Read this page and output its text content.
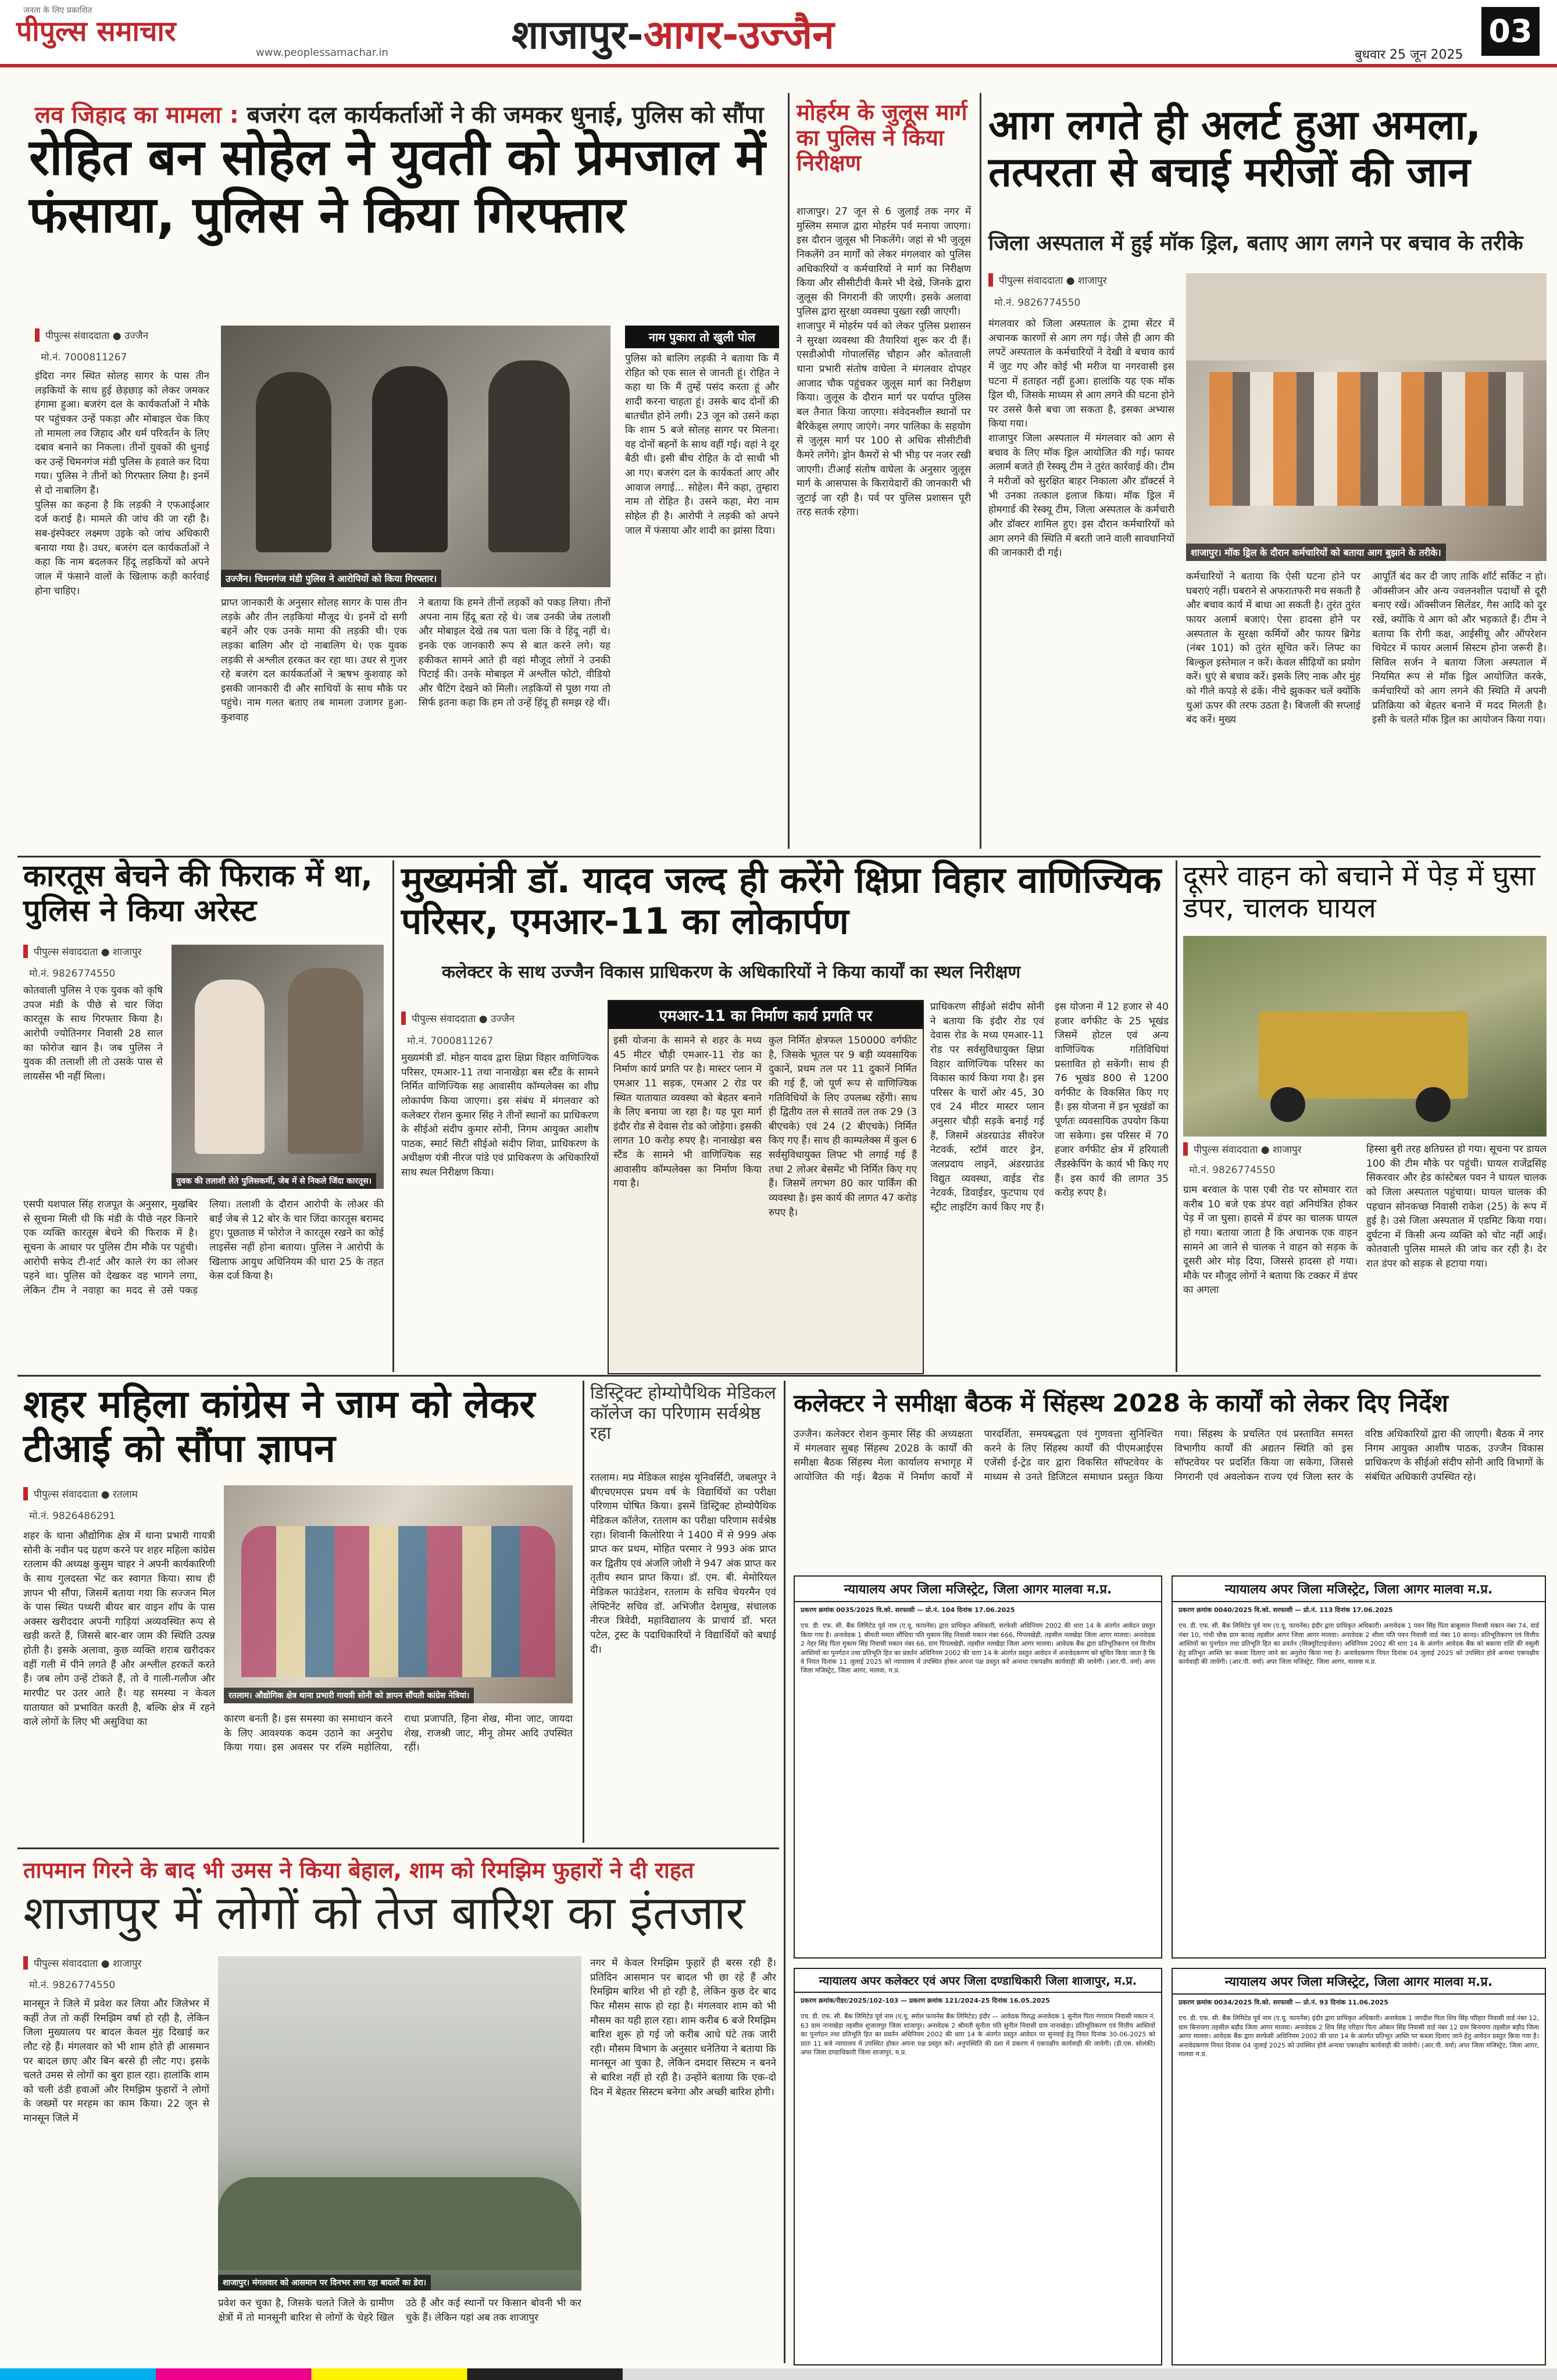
जनता के लिए प्रकाशित
पीपुल्स समाचार
www.peoplessamachar.in	शाजापुर-आगर-उज्जैन	बुधवार 25 जून 2025
03
लव जिहाद का मामला : बजरंग दल कार्यकर्ताओं ने की जमकर धुनाई, पुलिस को सौंपा
रोहित बन सोहेल ने युवती को प्रेमजाल में फंसाया, पुलिस ने किया गिरफ्तार
पीपुल्स संवाददाता ● उज्जैन
मो.नं. 7000811267
इंदिरा नगर स्थित सोलह सागर के पास तीन लड़कियों के साथ हुई छेड़छाड़ को लेकर जमकर हंगामा हुआ। बजरंग दल के कार्यकर्ताओं ने मौके पर पहुंचकर उन्हें पकड़ा और मोबाइल चेक किए तो मामला लव जिहाद और धर्म परिवर्तन के लिए दबाव बनाने का निकला। तीनों युवकों की धुनाई कर उन्हें चिमनगंज मंडी पुलिस के हवाले कर दिया गया। पुलिस ने तीनों को गिरफ्तार लिया है। इनमें से दो नाबालिग हैं।
पुलिस का कहना है कि लड़की ने एफआईआर दर्ज कराई है। मामले की जांच की जा रही है। सब-इंस्पेक्टर लक्ष्मण उइके को जांच अधिकारी बनाया गया है। उधर, बजरंग दल कार्यकर्ताओं ने कहा कि नाम बदलकर हिंदू लड़कियों को अपने जाल में फंसाने वालों के खिलाफ कड़ी कार्रवाई होना चाहिए।
उज्जैन। चिमनगंज मंडी पुलिस ने आरोपियों को किया गिरफ्तार।
प्राप्त जानकारी के अनुसार सोलह सागर के पास तीन लड़के और तीन लड़कियां मौजूद थे। इनमें दो सगी बहनें और एक उनके मामा की लड़की थी। एक लड़का बालिग और दो नाबालिग थे। एक युवक लड़की से अश्लील हरकत कर रहा था। उधर से गुजर रहे बजरंग दल कार्यकर्ताओं ने ऋषभ कुशवाह को इसकी जानकारी दी और साथियों के साथ मौके पर पहुंचे। नाम गलत बताए तब मामला उजागर हुआ-कुशवाह
ने बताया कि हमने तीनों लड़कों को पकड़ लिया। तीनों अपना नाम हिंदू बता रहे थे। जब उनकी जेब तलाशी और मोबाइल देखे तब पता चला कि वे हिंदू नहीं थे। इनके एक जानकारी रूप से बात करने लगे। यह हकीकत सामने आते ही वहां मौजूद लोगों ने उनकी पिटाई की। उनके मोबाइल में अश्लील फोटो, वीडियो और चैटिंग देखने को मिली। लड़कियों से पूछा गया तो सिर्फ इतना कहा कि हम तो उन्हें हिंदू ही समझ रहे थीं।
नाम पुकारा तो खुली पोल
पुलिस को बालिग लड़की ने बताया कि मैं रोहित को एक साल से जानती हूं। रोहित ने कहा था कि मैं तुम्हें पसंद करता हूं और शादी करना चाहता हूं। उसके बाद दोनों की बातचीत होने लगी। 23 जून को उसने कहा कि शाम 5 बजे सोलह सागर पर मिलना। वह दोनों बहनों के साथ वहीं गई। वहां ने दूर बैठी थी। इसी बीच रोहित के दो साथी भी आ गए। बजरंग दल के कार्यकर्ता आए और आवाज लगाई... सोहेल। मैंने कहा, तुम्हारा नाम तो रोहित है। उसने कहा, मेरा नाम सोहेल ही है। आरोपी ने लड़की को अपने जाल में फंसाया और शादी का झांसा दिया।
मोहर्रम के जुलूस मार्ग का पुलिस ने किया निरीक्षण
शाजापुर। 27 जून से 6 जुलाई तक नगर में मुस्लिम समाज द्वारा मोहर्रम पर्व मनाया जाएगा। इस दौरान जुलूस भी निकलेंगे। जहां से भी जुलूस निकलेंगे उन मार्गों को लेकर मंगलवार को पुलिस अधिकारियों व कर्मचारियों ने मार्ग का निरीक्षण किया और सीसीटीवी कैमरे भी देखे, जिनके द्वारा जुलूस की निगरानी की जाएगी। इसके अलावा पुलिस द्वारा सुरक्षा व्यवस्था पुख्ता रखी जाएगी।
शाजापुर में मोहर्रम पर्व को लेकर पुलिस प्रशासन ने सुरक्षा व्यवस्था की तैयारियां शुरू कर दी हैं। एसडीओपी गोपालसिंह चौहान और कोतवाली थाना प्रभारी संतोष वाघेला ने मंगलवार दोपहर आजाद चौक पहुंचकर जुलूस मार्ग का निरीक्षण किया। जुलूस के दौरान मार्ग पर पर्याप्त पुलिस बल तैनात किया जाएगा। संवेदनशील स्थानों पर बैरिकेड्स लगाए जाएंगे। नगर पालिका के सहयोग से जुलूस मार्ग पर 100 से अधिक सीसीटीवी कैमरे लगेंगे। ड्रोन कैमरों से भी भीड़ पर नजर रखी जाएगी। टीआई संतोष वाघेला के अनुसार जुलूस मार्ग के आसपास के किरायेदारों की जानकारी भी जुटाई जा रही है। पर्व पर पुलिस प्रशासन पूरी तरह सतर्क रहेगा।
आग लगते ही अलर्ट हुआ अमला, तत्परता से बचाई मरीजों की जान
जिला अस्पताल में हुई मॉक ड्रिल, बताए आग लगने पर बचाव के तरीके
पीपुल्स संवाददाता ● शाजापुर
मो.नं. 9826774550
मंगलवार को जिला अस्पताल के ट्रामा सेंटर में अचानक कारणों से आग लग गई। जैसे ही आग की लपटें अस्पताल के कर्मचारियों ने देखी वे बचाव कार्य में जुट गए और कोई भी मरीज या नगरवासी इस घटना में हताहत नहीं हुआ। हालांकि यह एक मॉक ड्रिल थी, जिसके माध्यम से आग लगने की घटना होने पर उससे कैसे बचा जा सकता है, इसका अभ्यास किया गया।
शाजापुर जिला अस्पताल में मंगलवार को आग से बचाव के लिए मॉक ड्रिल आयोजित की गई। फायर अलार्म बजते ही रेस्क्यू टीम ने तुरंत कार्रवाई की। टीम ने मरीजों को सुरक्षित बाहर निकाला और डॉक्टर्स ने भी उनका तत्काल इलाज किया। मॉक ड्रिल में होमगार्ड की रेस्क्यू टीम, जिला अस्पताल के कर्मचारी और डॉक्टर शामिल हुए। इस दौरान कर्मचारियों को आग लगने की स्थिति में बरती जाने वाली सावधानियों की जानकारी दी गई।	शाजापुर। मॉक ड्रिल के दौरान कर्मचारियों को बताया आग बुझाने के तरीके।
कर्मचारियों ने बताया कि ऐसी घटना होने पर घबराएं नहीं। घबराने से अफरातफरी मच सकती है और बचाव कार्य में बाधा आ सकती है। तुरंत तुरंत फायर अलार्म बजाएं। ऐसा हादसा होने पर अस्पताल के सुरक्षा कर्मियों और फायर ब्रिगेड (नंबर 101) को तुरंत सूचित करें। लिफ्ट का बिल्कुल इस्तेमाल न करें। केवल सीढ़ियों का प्रयोग करें। धुएं से बचाव करें। इसके लिए नाक और मुंह को गीले कपड़े से ढंकें। नीचे झुककर चलें क्योंकि धुआं ऊपर की तरफ उठता है। बिजली की सप्लाई बंद करें। मुख्य
आपूर्ति बंद कर दी जाए ताकि शॉर्ट सर्किट न हो। ऑक्सीजन और अन्य ज्वलनशील पदार्थों से दूरी बनाए रखें। ऑक्सीजन सिलेंडर, गैस आदि को दूर रखें, क्योंकि ये आग को और भड़काते हैं। टीम ने बताया कि रोगी कक्ष, आईसीयू और ऑपरेशन थियेटर में फायर अलार्म सिस्टम होना जरूरी है। सिविल सर्जन ने बताया जिला अस्पताल में नियमित रूप से मॉक ड्रिल आयोजित करके, कर्मचारियों को आग लगने की स्थिति में अपनी प्रतिक्रिया को बेहतर बनाने में मदद मिलती है। इसी के चलते मॉक ड्रिल का आयोजन किया गया।
कारतूस बेचने की फिराक में था, पुलिस ने किया अरेस्ट
पीपुल्स संवाददाता ● शाजापुर
मो.नं. 9826774550
कोतवाली पुलिस ने एक युवक को कृषि उपज मंडी के पीछे से चार जिंदा कारतूस के साथ गिरफ्तार किया है। आरोपी ज्योतिनगर निवासी 28 साल का फोरोज खान है। जब पुलिस ने युवक की तलाशी ली तो उसके पास से लायसेंस भी नहीं मिला।
युवक की तलाशी लेते पुलिसकर्मी, जेब में से निकले जिंदा कारतूस।
एसपी यशपाल सिंह राजपूत के अनुसार, मुखबिर से सूचना मिली थी कि मंडी के पीछे नहर किनारे एक व्यक्ति कारतूस बेचने की फिराक में है। सूचना के आधार पर पुलिस टीम मौके पर पहुंची। आरोपी सफेद टी-शर्ट और काले रंग का लोअर पहने था। पुलिस को देखकर वह भागने लगा, लेकिन टीम ने नवाहा का मदद से उसे पकड़ लिया। तलाशी के दौरान आरोपी के लोअर की बाईं जेब से 12 बोर के चार जिंदा कारतूस बरामद हुए। पूछताछ में फोरोज ने कारतूस रखने का कोई लाइसेंस नहीं होना बताया। पुलिस ने आरोपी के खिलाफ आयुध अधिनियम की धारा 25 के तहत केस दर्ज किया है।
मुख्यमंत्री डॉ. यादव जल्द ही करेंगे क्षिप्रा विहार वाणिज्यिक परिसर, एमआर-11 का लोकार्पण
कलेक्टर के साथ उज्जैन विकास प्राधिकरण के अधिकारियों ने किया कार्यों का स्थल निरीक्षण
पीपुल्स संवाददाता ● उज्जैन
मो.नं. 7000811267
मुख्यमंत्री डॉ. मोहन यादव द्वारा क्षिप्रा विहार वाणिज्यिक परिसर, एमआर-11 तथा नानाखेड़ा बस स्टैंड के सामने निर्मित वाणिज्यिक सह आवासीय कॉम्पलेक्स का शीघ्र लोकार्पण किया जाएगा। इस संबंध में मंगलवार को कलेक्टर रोशन कुमार सिंह ने तीनों स्थानों का प्राधिकरण के सीईओ संदीप कुमार सोनी, निगम आयुक्त आशीष पाठक, स्मार्ट सिटी सीईओ संदीप शिवा, प्राधिकरण के अधीक्षण यंत्री नीरज पांडे एवं प्राधिकरण के अधिकारियों साथ स्थल निरीक्षण किया।
एमआर-11 का निर्माण कार्य प्रगति पर
इसी योजना के सामने से शहर के मध्य 45 मीटर चौड़ी एमआर-11 रोड का निर्माण कार्य प्रगति पर है। मास्टर प्लान में एमआर 11 सड़क, एमआर 2 रोड पर स्थित यातायात व्यवस्था को बेहतर बनाने के लिए बनाया जा रहा है। यह पूरा मार्ग इंदौर रोड से देवास रोड को जोड़ेगा। इसकी लागत 10 करोड़ रुपए है। नानाखेड़ा बस स्टैंड के सामने भी वाणिज्यिक सह आवासीय कॉम्पलेक्स का निर्माण किया गया है।
कुल निर्मित क्षेत्रफल 150000 वर्गफीट है, जिसके भूतल पर 9 बड़ी व्यवसायिक दुकानें, प्रथम तल पर 11 दुकानें निर्मित की गई हैं, जो पूर्ण रूप से वाणिज्यिक गतिविधियों के लिए उपलब्ध रहेंगी। साथ ही द्वितीय तल से सातवें तल तक 29 (3 बीएचके) एवं 24 (2 बीएचके) निर्मित किए गए हैं। साथ ही काम्पलेक्स में कुल 6 सर्वसुविधायुक्त लिफ्ट भी लगाई गई हैं तथा 2 लोअर बेसमेंट भी निर्मित किए गए हैं। जिसमें लगभग 80 कार पार्किंग की व्यवस्था है। इस कार्य की लागत 47 करोड़ रुपए है।
प्राधिकरण सीईओ संदीप सोनी ने बताया कि इंदौर रोड एवं देवास रोड के मध्य एमआर-11 रोड पर सर्वसुविधायुक्त क्षिप्रा विहार वाणिज्यिक परिसर का विकास कार्य किया गया है। इस परिसर के चारों ओर 45, 30 एवं 24 मीटर मास्टर प्लान अनुसार चौड़ी सड़कें बनाई गई हैं, जिसमें अंडरग्राउंड सीवरेज नेटवर्क, स्टॉर्म वाटर ड्रेन, जलप्रदाय लाइनें, अंडरग्राउंड विद्युत व्यवस्था, वाईड रोड नेटवर्क, डिवाईडर, फुटपाथ एवं स्ट्रीट लाइटिंग कार्य किए गए हैं। इस योजना में 12 हजार से 40 हजार वर्गफीट के 25 भूखंड जिसमें होटल एवं अन्य वाणिज्यिक गतिविधियां प्रस्तावित हो सकेंगी। साथ ही 76 भूखंड 800 से 1200 वर्गफीट के विकसित किए गए हैं। इस योजना में इन भूखंडों का पूर्णतः व्यवसायिक उपयोग किया जा सकेगा। इस परिसर में 70 हजार वर्गफीट क्षेत्र में हरियाली लैंडस्केपिंग के कार्य भी किए गए हैं। इस कार्य की लागत 35 करोड़ रुपए है।
दूसरे वाहन को बचाने में पेड़ में घुसा डंपर, चालक घायल
पीपुल्स संवाददाता ● शाजापुर
मो.नं. 9826774550
ग्राम बरवाल के पास एबी रोड पर सोमवार रात करीब 10 बजे एक डंपर वहां अनियंत्रित होकर पेड़ में जा घुसा। हादसे में डंपर का चालक घायल हो गया। बताया जाता है कि अचानक एक वाहन सामने आ जाने से चालक ने वाहन को सड़क के दूसरी ओर मोड़ दिया, जिससे हादसा हो गया। मौके पर मौजूद लोगों ने बताया कि टक्कर में डंपर का अगला
हिस्सा बुरी तरह क्षतिग्रस्त हो गया। सूचना पर डायल 100 की टीम मौके पर पहुंची। घायल राजेंद्रसिंह सिकरवार और हेड कांस्टेबल पवन ने घायल चालक को जिला अस्पताल पहुंचाया। घायल चालक की पहचान सोनकच्छ निवासी राकेश (25) के रूप में हुई है। उसे जिला अस्पताल में एडमिट किया गया। दुर्घटना में किसी अन्य व्यक्ति को चोट नहीं आई। कोतवाली पुलिस मामले की जांच कर रही है। देर रात डंपर को सड़क से हटाया गया।
शहर महिला कांग्रेस ने जाम को लेकर टीआई को सौंपा ज्ञापन
पीपुल्स संवाददाता ● रतलाम
मो.नं. 9826486291
शहर के थाना औद्योगिक क्षेत्र में थाना प्रभारी गायत्री सोनी के नवीन पद ग्रहण करने पर शहर महिला कांग्रेस रतलाम की अध्यक्ष कुसुम चाहर ने अपनी कार्यकारिणी के साथ गुलदस्ता भेंट कर स्वागत किया। साथ ही ज्ञापन भी सौंपा, जिसमें बताया गया कि सज्जन मिल के पास स्थित पथ्थरी बीयर बार वाइन शॉप के पास अक्सर खरीददार अपनी गाड़ियां अव्यवस्थित रूप से खड़ी करते हैं, जिससे बार-बार जाम की स्थिति उत्पन्न होती है। इसके अलावा, कुछ व्यक्ति शराब खरीदकर वहीं गली में पीने लगते हैं और अश्लील हरकतें करते हैं। जब लोग उन्हें टोकते हैं, तो वे गाली-गलौज और मारपीट पर उतर आते हैं। यह समस्या न केवल यातायात को प्रभावित करती है, बल्कि क्षेत्र में रहने वाले लोगों के लिए भी असुविधा का
रतलाम। औद्योगिक क्षेत्र थाना प्रभारी गायत्री सोनी को ज्ञापन सौंपती कांग्रेस नेत्रियां।
कारण बनती है। इस समस्या का समाधान करने के लिए आवश्यक कदम उठाने का अनुरोध किया गया। इस अवसर पर रश्मि महोलिया, राधा प्रजापति, हिना शेख, मीना जाट, जायदा शेख, राजश्री जाट, मीनू तोमर आदि उपस्थित रहीं।
डिस्ट्रिक्ट होम्योपैथिक मेडिकल कॉलेज का परिणाम सर्वश्रेष्ठ रहा
रतलाम। मप्र मेडिकल साइंस यूनिवर्सिटी, जबलपुर ने बीएचएमएस प्रथम वर्ष के विद्यार्थियों का परीक्षा परिणाम घोषित किया। इसमें डिस्ट्रिक्ट होम्योपैथिक मेडिकल कॉलेज, रतलाम का परीक्षा परिणाम सर्वश्रेष्ठ रहा। शिवानी किलोरिया ने 1400 में से 999 अंक प्राप्त कर प्रथम, मोहित परमार ने 993 अंक प्राप्त कर द्वितीय एवं अंजलि जोशी ने 947 अंक प्राप्त कर तृतीय स्थान प्राप्त किया। डॉ. एम. बी. मेमोरियल मेडिकल फाउंडेशन, रतलाम के सचिव चेयरमैन एवं लेफ्टिनेंट सचिव डॉ. अभिजीत देशमुख, संचालक नीरज त्रिवेदी, महाविद्यालय के प्राचार्य डॉ. भरत पटेल, ट्रस्ट के पदाधिकारियों ने विद्यार्थियों को बधाई दी।
कलेक्टर ने समीक्षा बैठक में सिंहस्थ 2028 के कार्यों को लेकर दिए निर्देश
उज्जैन। कलेक्टर रोशन कुमार सिंह की अध्यक्षता में मंगलवार सुबह सिंहस्थ 2028 के कार्यों की समीक्षा बैठक सिंहस्थ मेला कार्यालय सभागृह में आयोजित की गई। बैठक में निर्माण कार्यों में पारदर्शिता, समयबद्धता एवं गुणवत्ता सुनिश्चित करने के लिए सिंहस्थ कार्यों की पीएमआईएस एजेंसी ई-ट्रेड वार द्वारा विकसित सॉफ्टवेयर के माध्यम से उनते डिजिटल समाधान प्रस्तुत किया गया। सिंहस्थ के प्रचलित एवं प्रस्तावित समस्त विभागीय कार्यों की अद्यतन स्थिति को इस सॉफ्टवेयर पर प्रदर्शित किया जा सकेगा, जिससे निगरानी एवं अवलोकन राज्य एवं जिला स्तर के वरिष्ठ अधिकारियों द्वारा की जाएगी। बैठक में नगर निगम आयुक्त आशीष पाठक, उज्जैन विकास प्राधिकरण के सीईओ संदीप सोनी आदि विभागों के संबंधित अधिकारी उपस्थित रहे।
न्यायालय अपर जिला मजिस्ट्रेट, जिला आगर मालवा म.प्र.
प्रकरण क्रमांक 0035/2025 वि.को. सरफासी — प्रो.नं. 104 दिनांक 17.06.2025
एच. डी. एफ. सी. बैंक लिमिटेड पूर्व नाम (ए.यू. फायनेंस) द्वारा प्राधिकृत अधिकारी, सरफेसी अधिनियम 2002 की धारा 14 के अंतर्गत आवेदन प्रस्तुत किया गया है। अनावेदक 1 श्रीमती ममता सौंधिया पति मुकाम सिंह निवासी मकान नंबर 666, पिपलखेड़ी, तहसील नलखेड़ा जिला आगर मालवा। अनावेदक 2 नेहर सिंह पिता मुकाम सिंह निवासी मकान नंबर 66, ग्राम पिपलखेड़ी, तहसील नलखेड़ा जिला आगर मालवा। आवेदक बैंक द्वारा प्रतिभूतिकरण एवं वित्तीय आस्तियों का पुनर्गठन तथा प्रतिभूति हित का प्रवर्तन अधिनियम 2002 की धारा 14 के अंतर्गत प्रस्तुत आवेदन में अनावेदकगण को सूचित किया जाता है कि वे नियत दिनांक 11 जुलाई 2025 को न्यायालय में उपस्थित होकर अपना पक्ष प्रस्तुत करें अन्यथा एकपक्षीय कार्यवाही की जावेगी। (आर.पी. वर्मा) अपर जिला मजिस्ट्रेट, जिला आगर, मालवा, म.प्र.
न्यायालय अपर जिला मजिस्ट्रेट, जिला आगर मालवा म.प्र.
प्रकरण क्रमांक 0040/2025 वि.को. सरफासी — प्रो.नं. 113 दिनांक 17.06.2025
एच. डी. एफ. सी. बैंक लिमिटेड पूर्व नाम (ए.यू. फायनेंस) इंदौर द्वारा प्राधिकृत अधिकारी। अनावेदक 1 पवन सिंह पिता बाबूलाल निवासी मकान नंबर 74, वार्ड नंबर 10, गांधी चौक ग्राम कानड़ तहसील आगर जिला आगर मालवा। अनावेदक 2 शीला पति पवन निवासी वार्ड नंबर 10 कानड़। प्रतिभूतिकरण एवं वित्तीय आस्तियों का पुनर्गठन तथा प्रतिभूति हित का प्रवर्तन (सिक्यूरिटाइजेशन) अधिनियम 2002 की धारा 14 के अंतर्गत आवेदक बैंक को बकाया राशि की वसूली हेतु प्रतिभूत आस्ति का कब्जा दिलाए जाने का अनुरोध किया गया है। अनावेदकगण नियत दिनांक 04 जुलाई 2025 को उपस्थित होवें अन्यथा एकपक्षीय कार्यवाही की जावेगी। (आर.पी. वर्मा) अपर जिला मजिस्ट्रेट, जिला आगर, मालवा म.प्र.
न्यायालय अपर कलेक्टर एवं अपर जिला दण्डाधिकारी जिला शाजापुर, म.प्र.
प्रकरण क्रमांक/रीडर/2025/102-103 — प्रकरण क्रमांक 121/2024-25 दिनांक 16.05.2025
एच. डी. एफ. सी. बैंक लिमिटेड पूर्व नाम (ए.यू. स्मॉल फायनेंस बैंक लिमिटेड) इंदौर — आवेदक विरुद्ध अनावेदक 1 सुनील पिता गंगाराम निवासी मकान नं. 63 ग्राम नानाखेड़ा तहसील शुजालपुर जिला शाजापुर। अनावेदक 2 श्रीमती सुनीता पति सुनील निवासी ग्राम नानाखेड़ा। प्रतिभूतिकरण एवं वित्तीय आस्तियों का पुनर्गठन तथा प्रतिभूति हित का प्रवर्तन अधिनियम 2002 की धारा 14 के अंतर्गत प्रस्तुत आवेदन पर सुनवाई हेतु नियत दिनांक 30-06-2025 को प्रातः 11 बजे न्यायालय में उपस्थित होकर अपना पक्ष प्रस्तुत करें। अनुपस्थिति की दशा में प्रकरण में एकपक्षीय कार्यवाही की जावेगी। (डी.एस. सोलंकी) अपर जिला दण्डाधिकारी जिला शाजापुर, म.प्र.
न्यायालय अपर जिला मजिस्ट्रेट, जिला आगर मालवा म.प्र.
प्रकरण क्रमांक 0034/2025 वि.को. सरफासी — प्रो.नं. 93 दिनांक 11.06.2025
एच. डी. एफ. सी. बैंक लिमिटेड पूर्व नाम (ए.यू. फायनेंस) इंदौर द्वारा प्राधिकृत अधिकारी। अनावेदक 1 जगदीश पिता शिव सिंह परिहार निवासी वार्ड नंबर 12, ग्राम बिनायगा तहसील बड़ौद जिला आगर मालवा। अनावेदक 2 शिव सिंह परिहार पिता ओंकार सिंह निवासी वार्ड नंबर 12 ग्राम बिनायगा तहसील बड़ौद जिला आगर मालवा। आवेदक बैंक द्वारा सरफेसी अधिनियम 2002 की धारा 14 के अंतर्गत प्रतिभूत आस्ति पर कब्जा दिलाए जाने हेतु आवेदन प्रस्तुत किया गया है। अनावेदकगण नियत दिनांक 04 जुलाई 2025 को उपस्थित होवें अन्यथा एकपक्षीय कार्यवाही की जावेगी। (आर.पी. वर्मा) अपर जिला मजिस्ट्रेट, जिला आगर, मालवा म.प्र.
तापमान गिरने के बाद भी उमस ने किया बेहाल, शाम को रिमझिम फुहारों ने दी राहत
शाजापुर में लोगों को तेज बारिश का इंतजार
पीपुल्स संवाददाता ● शाजापुर
मो.नं. 9826774550
मानसून ने जिले में प्रवेश कर लिया और जिलेभर में कहीं तेज तो कहीं रिमझिम वर्षा हो रही है, लेकिन जिला मुख्यालय पर बादल केवल मुंह दिखाई कर लौट रहे हैं। मंगलवार को भी शाम होते ही आसमान पर बादल छाए और बिन बरसे ही लौट गए। इसके चलते उमस से लोगों का बुरा हाल रहा। हालांकि शाम को चली ठंडी हवाओं और रिमझिम फुहारों ने लोगों के जख्मों पर मरहम का काम किया। 22 जून से मानसून जिले में
शाजापुर। मंगलवार को आसमान पर दिनभर लगा रहा बादलों का डेरा।
प्रवेश कर चुका है, जिसके चलते जिले के ग्रामीण क्षेत्रों में तो मानसूनी बारिश से लोगों के चेहरे खिल उठे हैं और कई स्थानों पर किसान बोवनी भी कर चुके हैं। लेकिन यहां अब तक शाजापुर
नगर में केवल रिमझिम फुहारें ही बरस रही हैं। प्रतिदिन आसमान पर बादल भी छा रहे हैं और रिमझिम बारिश भी हो रही है, लेकिन कुछ देर बाद फिर मौसम साफ हो रहा है। मंगलवार शाम को भी मौसम का यही हाल रहा। शाम करीब 6 बजे रिमझिम बारिश शुरू हो गई जो करीब आधे घंटे तक जारी रही। मौसम विभाग के अनुसार धनेतिया ने बताया कि मानसून आ चुका है, लेकिन दमदार सिस्टम न बनने से बारिश नहीं हो रही है। उन्होंने बताया कि एक-दो दिन में बेहतर सिस्टम बनेगा और अच्छी बारिश होगी।
